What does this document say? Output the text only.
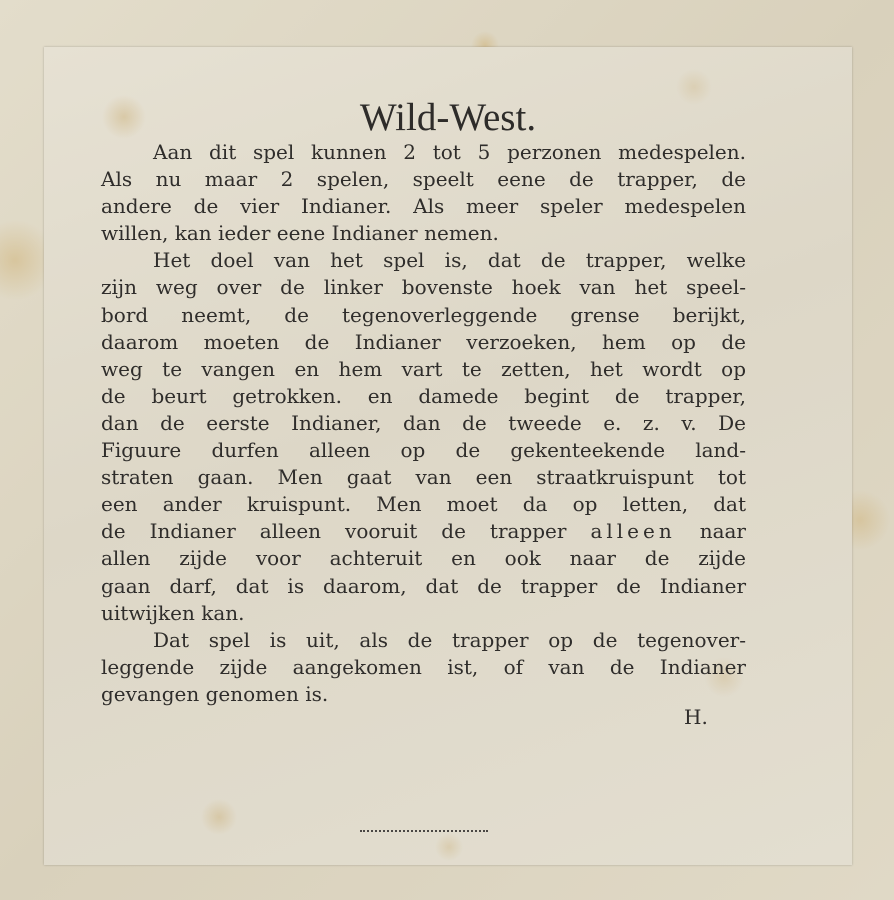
Wild-West.
Aan dit spel kunnen 2 tot 5 perzonen medespelen.
Als nu maar 2 spelen, speelt eene de trapper, de
andere de vier Indianer. Als meer speler medespelen
willen, kan ieder eene Indianer nemen.
Het doel van het spel is, dat de trapper, welke
zijn weg over de linker bovenste hoek van het speel-
bord neemt, de tegenoverleggende grense berijkt,
daarom moeten de Indianer verzoeken, hem op de
weg te vangen en hem vart te zetten, het wordt op
de beurt getrokken. en damede begint de trapper,
dan de eerste Indianer, dan de tweede e. z. v. De
Figuure durfen alleen op de gekenteekende land-
straten gaan. Men gaat van een straatkruispunt tot
een ander kruispunt. Men moet da op letten, dat
de Indianer alleen vooruit de trapper alleen naar
allen zijde voor achteruit en ook naar de zijde
gaan darf, dat is daarom, dat de trapper de Indianer
uitwijken kan.
Dat spel is uit, als de trapper op de tegenover-
leggende zijde aangekomen ist, of van de Indianer
gevangen genomen is.
H.
